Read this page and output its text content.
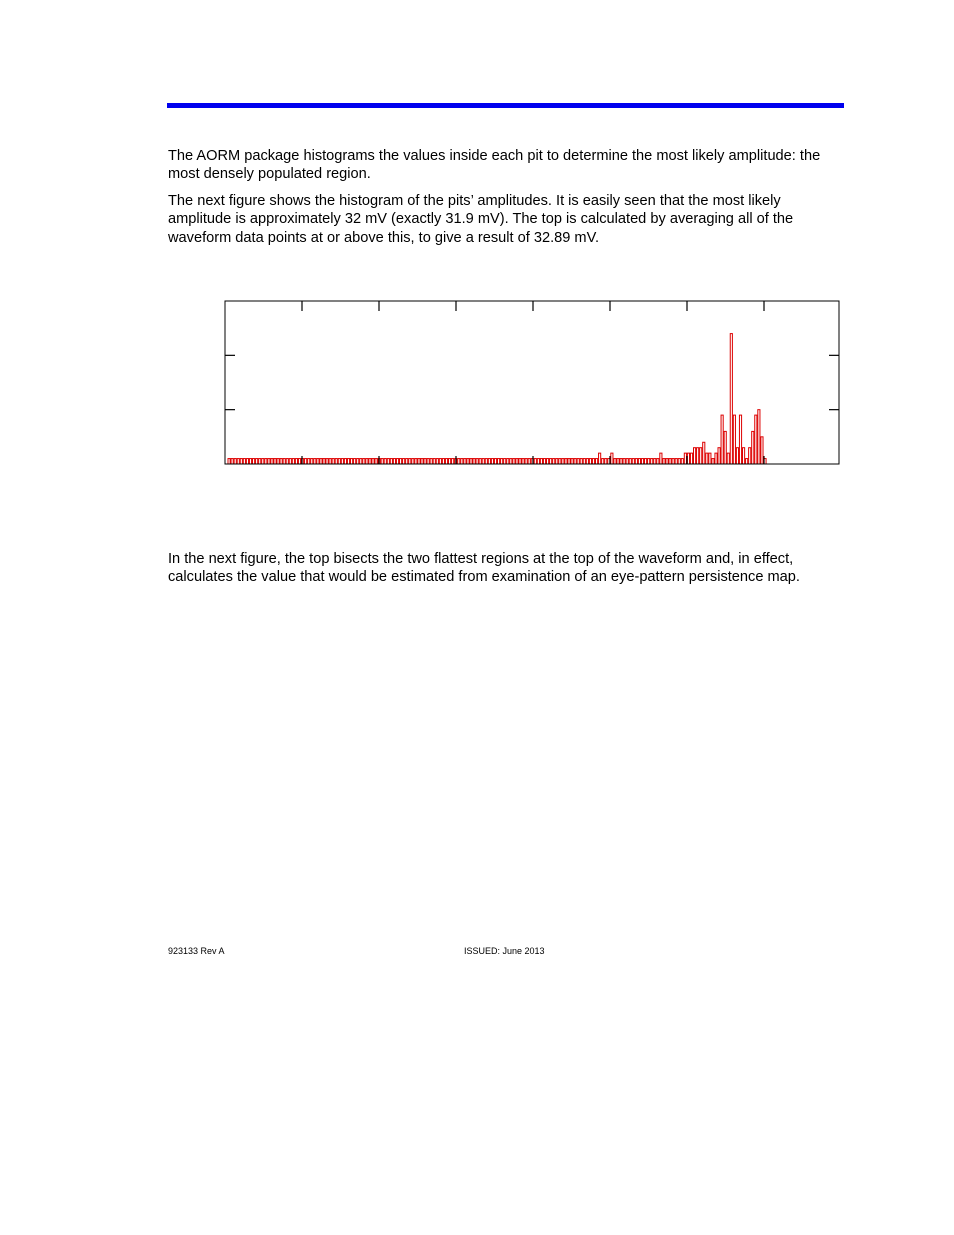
The AORM package histograms the values inside each pit to determine the most likely amplitude: the most densely populated region.

The next figure shows the histogram of the pits’ amplitudes. It is easily seen that the most likely amplitude is approximately 32 mV (exactly 31.9 mV). The top is calculated by averaging all of the waveform data points at or above this, to give a result of 32.89 mV.

In the next figure, the top bisects the two flattest regions at the top of the waveform and, in effect, calculates the value that would be estimated from examination of an eye-pattern persistence map.

923133 Rev A	ISSUED: June 2013
